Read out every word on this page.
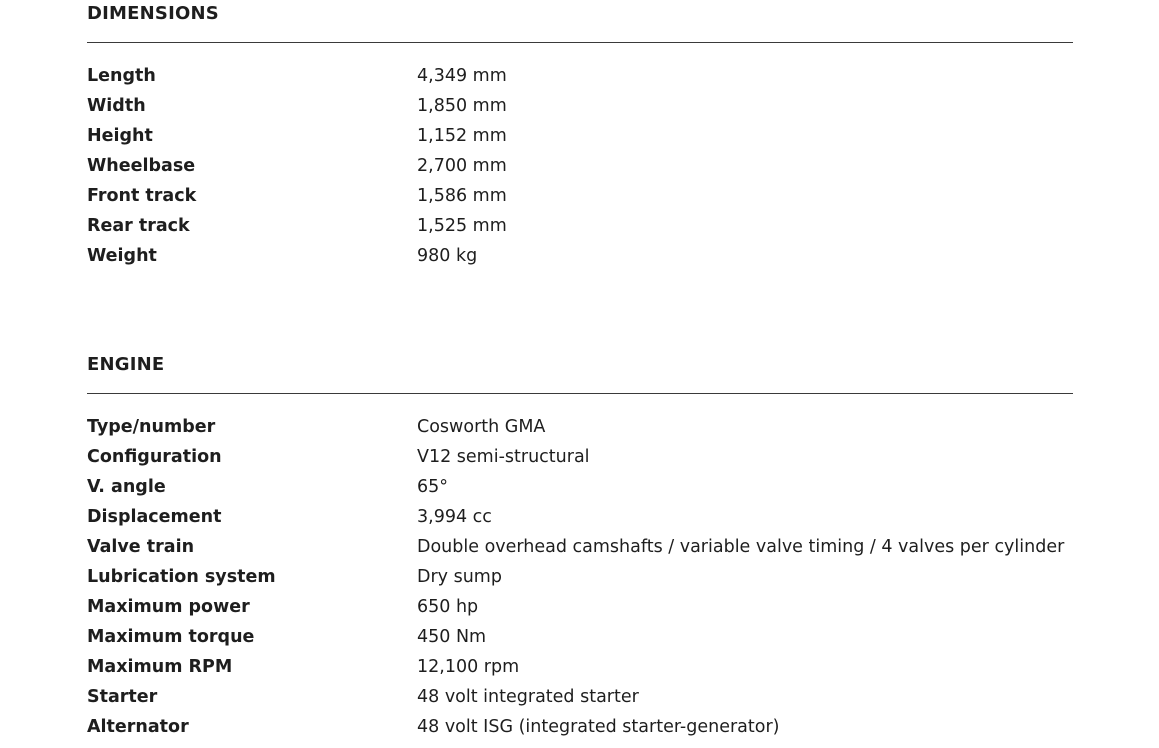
DIMENSIONS
Length	4,349 mm
Width	1,850 mm
Height	1,152 mm
Wheelbase	2,700 mm
Front track	1,586 mm
Rear track	1,525 mm
Weight	980 kg
ENGINE
Type/number	Cosworth GMA
Configuration	V12 semi-structural
V. angle	65°
Displacement	3,994 cc
Valve train	Double overhead camshafts / variable valve timing / 4 valves per cylinder
Lubrication system	Dry sump
Maximum power	650 hp
Maximum torque	450 Nm
Maximum RPM	12,100 rpm
Starter	48 volt integrated starter
Alternator	48 volt ISG (integrated starter-generator)
